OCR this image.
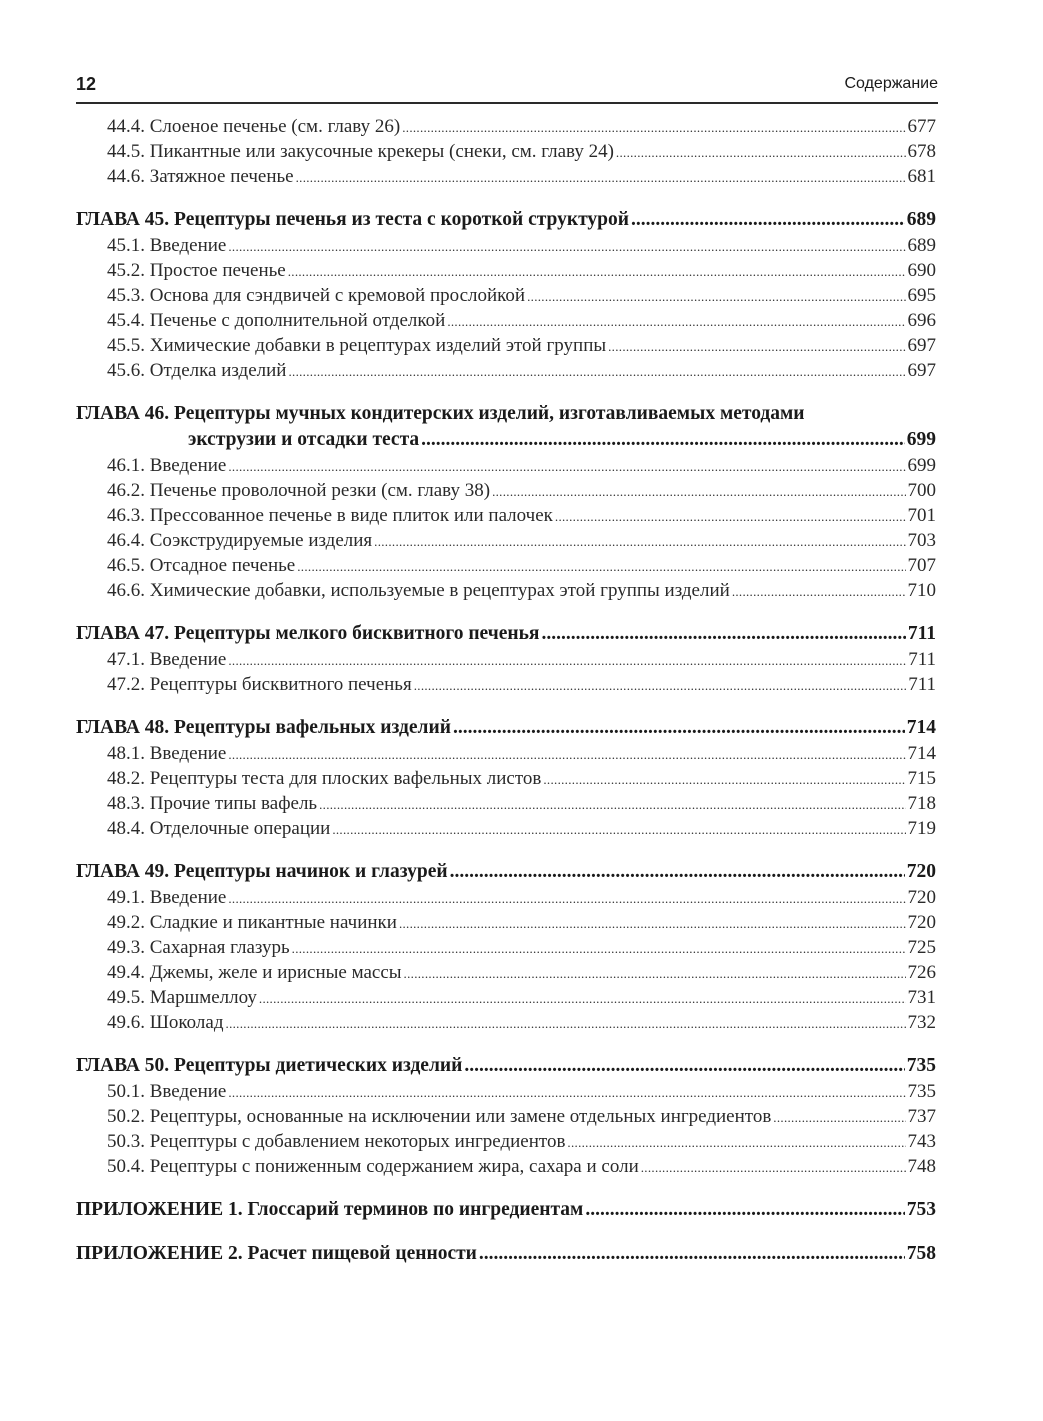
12	Содержание
44.4. Слоеное печенье (см. главу 26) .....	677
44.5. Пикантные или закусочные крекеры (снеки, см. главу 24) .....	678
44.6. Затяжное печенье .....	681
ГЛАВА 45. Рецептуры печенья из теста с короткой структурой .....	689
45.1. Введение .....	689
45.2. Простое печенье .....	690
45.3. Основа для сэндвичей с кремовой прослойкой .....	695
45.4. Печенье с дополнительной отделкой .....	696
45.5. Химические добавки в рецептурах изделий этой группы .....	697
45.6. Отделка изделий .....	697
ГЛАВА 46. Рецептуры мучных кондитерских изделий, изготавливаемых методами
экструзии и отсадки теста .....	699
46.1. Введение .....	699
46.2. Печенье проволочной резки (см. главу 38) .....	700
46.3. Прессованное печенье в виде плиток или палочек .....	701
46.4. Соэкструдируемые изделия .....	703
46.5. Отсадное печенье .....	707
46.6. Химические добавки, используемые в рецептурах этой группы изделий .....	710
ГЛАВА 47. Рецептуры мелкого бисквитного печенья .....	711
47.1. Введение .....	711
47.2. Рецептуры бисквитного печенья .....	711
ГЛАВА 48. Рецептуры вафельных изделий .....	714
48.1. Введение .....	714
48.2. Рецептуры теста для плоских вафельных листов .....	715
48.3. Прочие типы вафель .....	718
48.4. Отделочные операции .....	719
ГЛАВА 49. Рецептуры начинок и глазурей .....	720
49.1. Введение .....	720
49.2. Сладкие и пикантные начинки .....	720
49.3. Сахарная глазурь .....	725
49.4. Джемы, желе и ирисные массы .....	726
49.5. Маршмеллоу .....	731
49.6. Шоколад .....	732
ГЛАВА 50. Рецептуры диетических изделий .....	735
50.1. Введение .....	735
50.2. Рецептуры, основанные на исключении или замене отдельных ингредиентов .....	737
50.3. Рецептуры с добавлением некоторых ингредиентов .....	743
50.4. Рецептуры с пониженным содержанием жира, сахара и соли .....	748
ПРИЛОЖЕНИЕ 1. Глоссарий терминов по ингредиентам .....	753
ПРИЛОЖЕНИЕ 2. Расчет пищевой ценности .....	758
